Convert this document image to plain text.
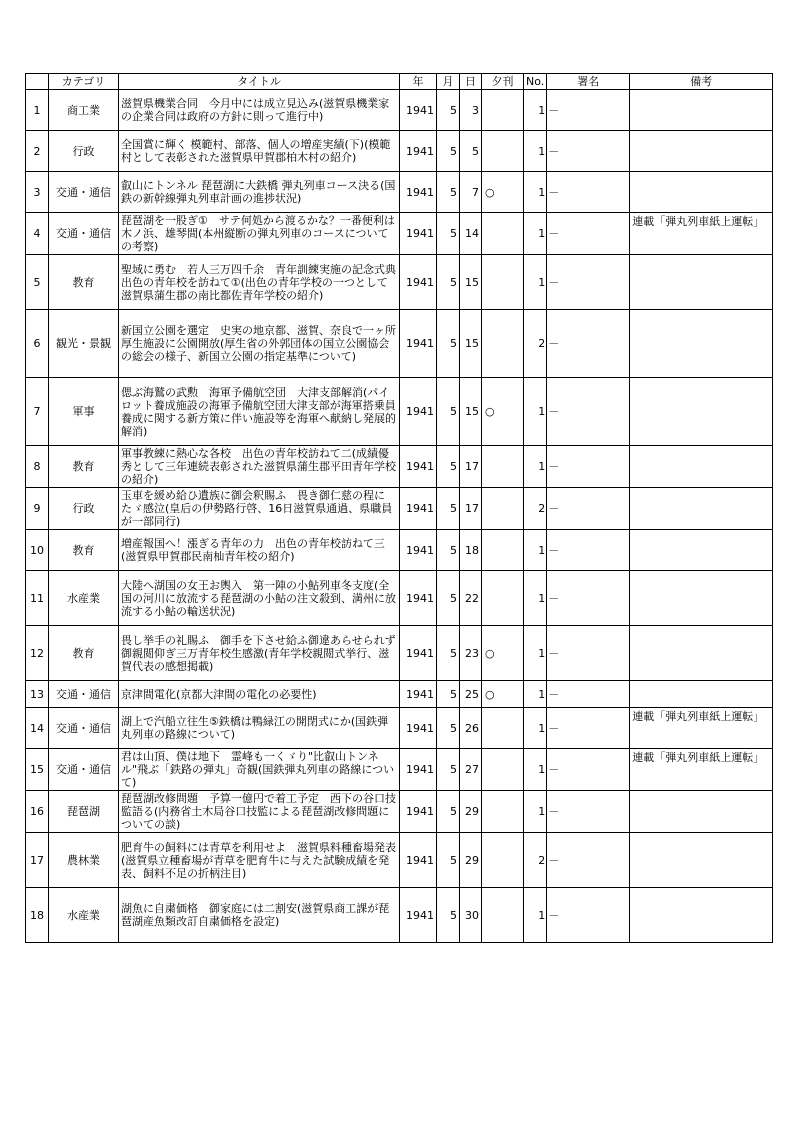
	カテゴリ	タイトル	年	月	日	夕刊	No.	署名	備考
1	商工業	滋賀県機業合同　今月中には成立見込み(滋賀県機業家の企業合同は政府の方針に則って進行中)	1941	5	3		1	－	
2	行政	全国賞に輝く 模範村、部落、個人の増産実績(下)(模範村として表彰された滋賀県甲賀郡柏木村の紹介)	1941	5	5		1	－	
3	交通・通信	叡山にトンネル 琵琶湖に大鉄橋 弾丸列車コース決る(国鉄の新幹線弾丸列車計画の進捗状況)	1941	5	7	○	1	－	
4	交通・通信	琵琶湖を一股ぎ①　サテ何処から渡るかな？一番便利は木ノ浜、雄琴間(本州縦断の弾丸列車のコースについての考察)	1941	5	14		1	－	連載「弾丸列車紙上運転」
5	教育	聖域に勇む　若人三万四千余　青年訓練実施の記念式典　出色の青年校を訪ねて①(出色の青年学校の一つとして滋賀県蒲生郡の南比都佐青年学校の紹介)	1941	5	15		1	－	
6	観光・景観	新国立公園を選定　史実の地京都、滋賀、奈良で一ヶ所　厚生施設に公園開放(厚生省の外郭団体の国立公園協会の総会の様子、新国立公園の指定基準について)	1941	5	15		2	－	
7	軍事	偲ぶ海鷲の武勲　海軍予備航空団　大津支部解消(パイロット養成施設の海軍予備航空団大津支部が海軍搭乗員養成に関する新方策に伴い施設等を海軍へ献納し発展的解消)	1941	5	15	○	1	－	
8	教育	軍事教練に熱心な各校　出色の青年校訪ねて二(成績優秀として三年連続表彰された滋賀県蒲生郡平田青年学校の紹介)	1941	5	17		1	－	
9	行政	玉車を緩め給ひ遺族に御会釈賜ふ　畏き御仁慈の程にたゞ感泣(皇后の伊勢路行啓、16日滋賀県通過、県職員が一部同行)	1941	5	17		2	－	
10	教育	増産報国へ！漲ぎる青年の力　出色の青年校訪ねて三(滋賀県甲賀郡民南杣青年校の紹介)	1941	5	18		1	－	
11	水産業	大陸へ湖国の女王お輿入　第一陣の小鮎列車冬支度(全国の河川に放流する琵琶湖の小鮎の注文殺到、満州に放流する小鮎の輸送状況)	1941	5	22		1	－	
12	教育	畏し挙手の礼賜ふ　御手を下させ給ふ御違あらせられず　御親閲仰ぎ三万青年校生感激(青年学校親閲式挙行、滋賀代表の感想掲載)	1941	5	23	○	1	－	
13	交通・通信	京津間電化(京都大津間の電化の必要性)	1941	5	25	○	1	－	
14	交通・通信	湖上で汽船立往生⑤鉄橋は鴨緑江の開閉式にか(国鉄弾丸列車の路線について)	1941	5	26		1	－	連載「弾丸列車紙上運転」
15	交通・通信	君は山頂、僕は地下　霊峰も一くゞり"比叡山トンネル"飛ぶ「鉄路の弾丸」奇観(国鉄弾丸列車の路線について)	1941	5	27		1	－	連載「弾丸列車紙上運転」
16	琵琶湖	琵琶湖改修問題　予算一億円で着工予定　西下の谷口技監語る(内務省土木局谷口技監による琵琶湖改修問題についての談)	1941	5	29		1	－	
17	農林業	肥育牛の飼料には青草を利用せよ　滋賀県料種畜場発表(滋賀県立種畜場が青草を肥育牛に与えた試験成績を発表、飼料不足の折柄注目)	1941	5	29		2	－	
18	水産業	湖魚に自粛価格　御家庭には二割安(滋賀県商工課が琵琶湖産魚類改訂自粛価格を設定)	1941	5	30		1	－	
